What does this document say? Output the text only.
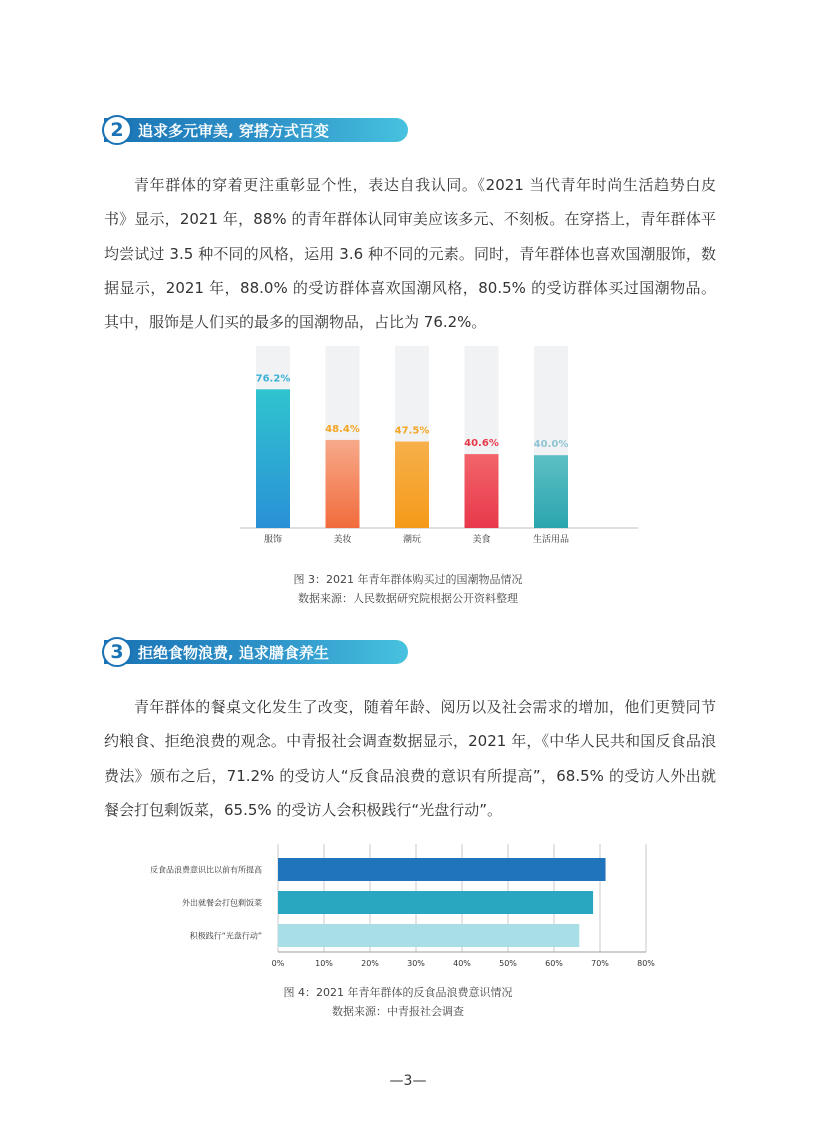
2 追求多元审美, 穿搭方式百变

青年群体的穿着更注重彰显个性，表达自我认同。《2021 当代青年时尚生活趋势白皮书》显示，2021 年，88% 的青年群体认同审美应该多元、不刻板。在穿搭上，青年群体平均尝试过 3.5 种不同的风格，运用 3.6 种不同的元素。同时，青年群体也喜欢国潮服饰，数据显示，2021 年，88.0% 的受访群体喜欢国潮风格，80.5% 的受访群体买过国潮物品。其中，服饰是人们买的最多的国潮物品，占比为 76.2%。

76.2%
服饰
48.4%
美妆
47.5%
潮玩
40.6%
美食
40.0%
生活用品
图 3：2021 年青年群体购买过的国潮物品情况
数据来源：人民数据研究院根据公开资料整理
3 拒绝食物浪费, 追求膳食养生

青年群体的餐桌文化发生了改变，随着年龄、阅历以及社会需求的增加，他们更赞同节约粮食、拒绝浪费的观念。中青报社会调查数据显示，2021 年，《中华人民共和国反食品浪费法》颁布之后，71.2% 的受访人“反食品浪费的意识有所提高”，68.5% 的受访人外出就餐会打包剩饭菜，65.5% 的受访人会积极践行“光盘行动”。

0%	10%	20%	30%	40%	50%	60%	70%	80%
反食品浪费意识比以前有所提高
外出就餐会打包剩饭菜
积极践行“光盘行动”
图 4：2021 年青年群体的反食品浪费意识情况
数据来源：中青报社会调查
—3—
